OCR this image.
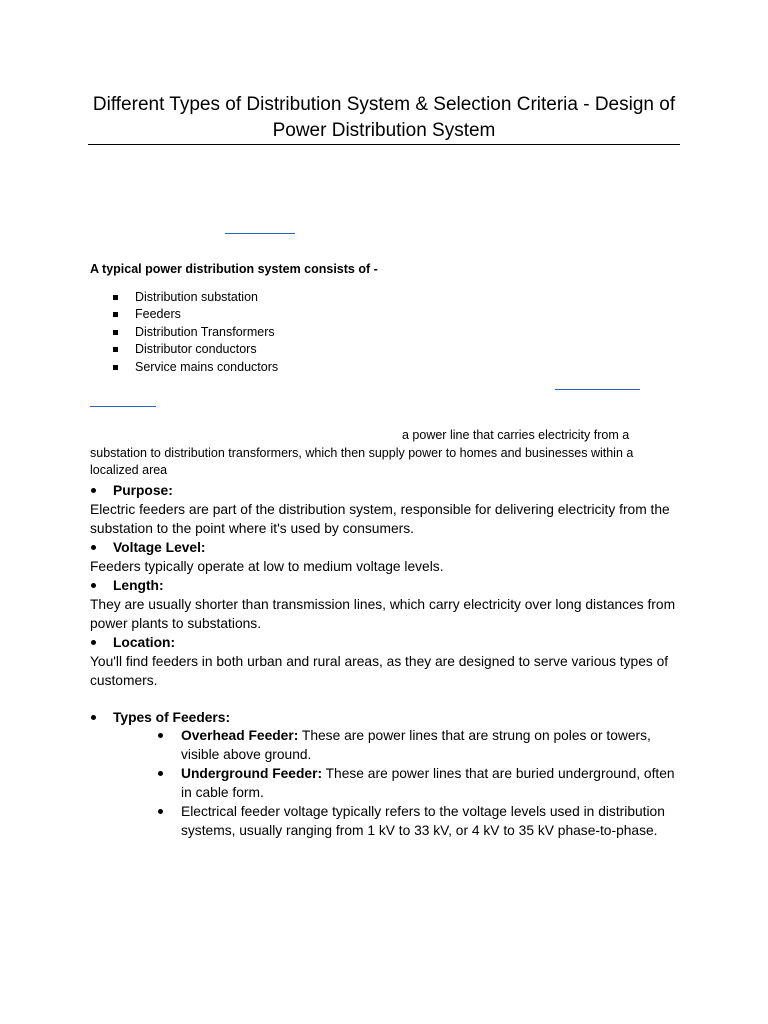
Different Types of Distribution System & Selection Criteria - Design of
Power Distribution System
A typical power distribution system consists of -
Distribution substation
Feeders
Distribution Transformers
Distributor conductors
Service mains conductors
a power line that carries electricity from a
substation to distribution transformers, which then supply power to homes and businesses within a
localized area
Purpose:
Electric feeders are part of the distribution system, responsible for delivering electricity from the substation to the point where it's used by consumers.
Voltage Level:
Feeders typically operate at low to medium voltage levels.
Length:
They are usually shorter than transmission lines, which carry electricity over long distances from power plants to substations.
Location:
You'll find feeders in both urban and rural areas, as they are designed to serve various types of customers.
Types of Feeders:
Overhead Feeder: These are power lines that are strung on poles or towers, visible above ground.
Underground Feeder: These are power lines that are buried underground, often in cable form.
Electrical feeder voltage typically refers to the voltage levels used in distribution systems, usually ranging from 1 kV to 33 kV, or 4 kV to 35 kV phase-to-phase.
